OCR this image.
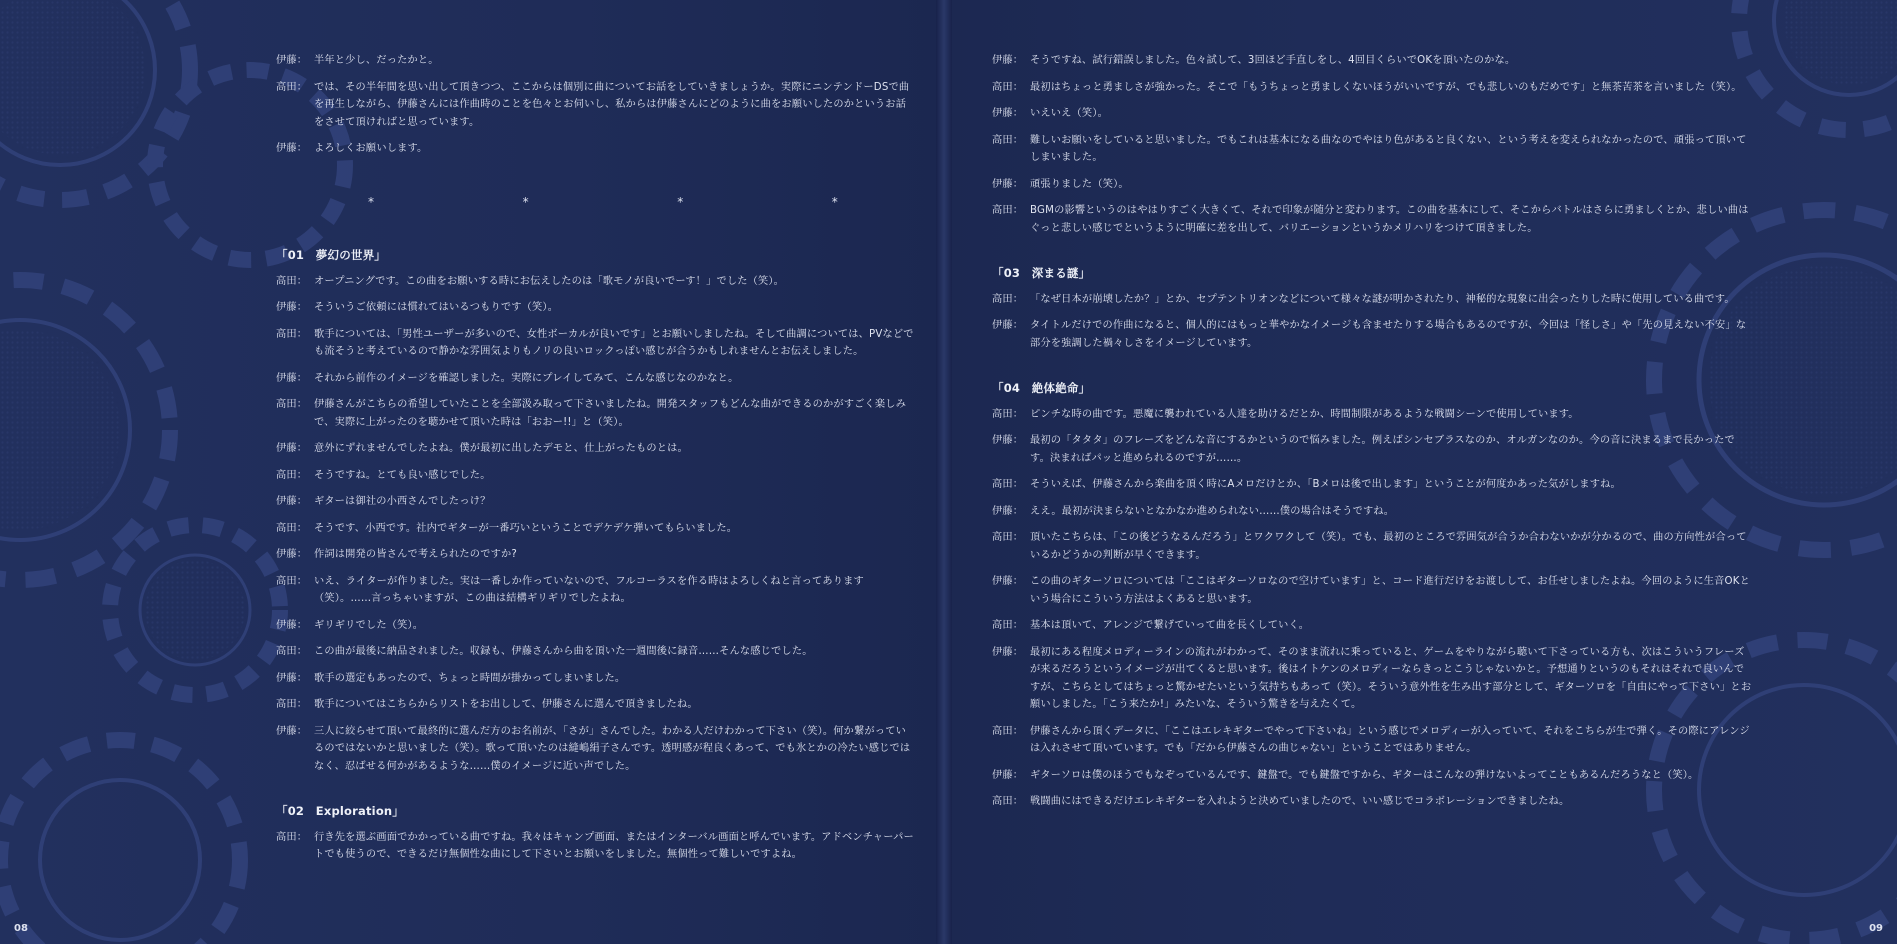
伊藤： 半年と少し、だったかと。
高田： では、その半年間を思い出して頂きつつ、ここからは個別に曲についてお話をしていきましょうか。実際にニンテンドーDSで曲を再生しながら、伊藤さんには作曲時のことを色々とお伺いし、私からは伊藤さんにどのように曲をお願いしたのかというお話をさせて頂ければと思っています。
伊藤： よろしくお願いします。
*	*	*	*
「01　夢幻の世界」
高田： オープニングです。この曲をお願いする時にお伝えしたのは「歌モノが良いでーす！」でした（笑）。
伊藤： そういうご依頼には慣れてはいるつもりです（笑）。
高田： 歌手については、「男性ユーザーが多いので、女性ボーカルが良いです」とお願いしましたね。そして曲調については、PVなどでも流そうと考えているので静かな雰囲気よりもノリの良いロックっぽい感じが合うかもしれませんとお伝えしました。
伊藤： それから前作のイメージを確認しました。実際にプレイしてみて、こんな感じなのかなと。
高田： 伊藤さんがこちらの希望していたことを全部汲み取って下さいましたね。開発スタッフもどんな曲ができるのかがすごく楽しみで、実際に上がったのを聴かせて頂いた時は「おおー!!」と（笑）。
伊藤： 意外にずれませんでしたよね。僕が最初に出したデモと、仕上がったものとは。
高田： そうですね。とても良い感じでした。
伊藤： ギターは御社の小西さんでしたっけ？
高田： そうです、小西です。社内でギターが一番巧いということでデケデケ弾いてもらいました。
伊藤： 作詞は開発の皆さんで考えられたのですか?
高田： いえ、ライターが作りました。実は一番しか作っていないので、フルコーラスを作る時はよろしくねと言ってあります（笑）。……言っちゃいますが、この曲は結構ギリギリでしたよね。
伊藤： ギリギリでした（笑）。
高田： この曲が最後に納品されました。収録も、伊藤さんから曲を頂いた一週間後に録音……そんな感じでした。
伊藤： 歌手の選定もあったので、ちょっと時間が掛かってしまいました。
高田： 歌手についてはこちらからリストをお出しして、伊藤さんに選んで頂きましたね。
伊藤： 三人に絞らせて頂いて最終的に選んだ方のお名前が、「さが」さんでした。わかる人だけわかって下さい（笑）。何か繋がっているのではないかと思いました（笑）。歌って頂いたのは縫嶋絹子さんです。透明感が程良くあって、でも氷とかの冷たい感じではなく、忍ばせる何かがあるような……僕のイメージに近い声でした。
「02　Exploration」
高田： 行き先を選ぶ画面でかかっている曲ですね。我々はキャンプ画面、またはインターバル画面と呼んでいます。アドベンチャーパートでも使うので、できるだけ無個性な曲にして下さいとお願いをしました。無個性って難しいですよね。
08
伊藤： そうですね、試行錯誤しました。色々試して、3回ほど手直しをし、4回目くらいでOKを頂いたのかな。
高田： 最初はちょっと勇ましさが強かった。そこで「もうちょっと勇ましくないほうがいいですが、でも悲しいのもだめです」と無茶苦茶を言いました（笑）。
伊藤： いえいえ（笑）。
高田： 難しいお願いをしていると思いました。でもこれは基本になる曲なのでやはり色があると良くない、という考えを変えられなかったので、頑張って頂いてしまいました。
伊藤： 頑張りました（笑）。
高田： BGMの影響というのはやはりすごく大きくて、それで印象が随分と変わります。この曲を基本にして、そこからバトルはさらに勇ましくとか、悲しい曲はぐっと悲しい感じでというように明確に差を出して、バリエーションというかメリハリをつけて頂きました。
「03　深まる謎」
高田： 「なぜ日本が崩壊したか？」とか、セプテントリオンなどについて様々な謎が明かされたり、神秘的な現象に出会ったりした時に使用している曲です。
伊藤： タイトルだけでの作曲になると、個人的にはもっと華やかなイメージも含ませたりする場合もあるのですが、今回は「怪しさ」や「先の見えない不安」な部分を強調した禍々しさをイメージしています。
「04　絶体絶命」
高田： ピンチな時の曲です。悪魔に襲われている人達を助けるだとか、時間制限があるような戦闘シーンで使用しています。
伊藤： 最初の「タタタ」のフレーズをどんな音にするかというので悩みました。例えばシンセブラスなのか、オルガンなのか。今の音に決まるまで長かったです。決まればパッと進められるのですが……。
高田： そういえば、伊藤さんから楽曲を頂く時にAメロだけとか、「Bメロは後で出します」ということが何度かあった気がしますね。
伊藤： ええ。最初が決まらないとなかなか進められない……僕の場合はそうですね。
高田： 頂いたこちらは、「この後どうなるんだろう」とワクワクして（笑）。でも、最初のところで雰囲気が合うか合わないかが分かるので、曲の方向性が合っているかどうかの判断が早くできます。
伊藤： この曲のギターソロについては「ここはギターソロなので空けています」と、コード進行だけをお渡しして、お任せしましたよね。今回のように生音OKという場合にこういう方法はよくあると思います。
高田： 基本は頂いて、アレンジで繋げていって曲を長くしていく。
伊藤： 最初にある程度メロディーラインの流れがわかって、そのまま流れに乗っていると、ゲームをやりながら聴いて下さっている方も、次はこういうフレーズが来るだろうというイメージが出てくると思います。後はイトケンのメロディーならきっとこうじゃないかと。予想通りというのもそれはそれで良いんですが、こちらとしてはちょっと驚かせたいという気持ちもあって（笑）。そういう意外性を生み出す部分として、ギターソロを「自由にやって下さい」とお願いしました。「こう来たか!」みたいな、そういう驚きを与えたくて。
高田： 伊藤さんから頂くデータに、「ここはエレキギターでやって下さいね」という感じでメロディーが入っていて、それをこちらが生で弾く。その際にアレンジは入れさせて頂いています。でも「だから伊藤さんの曲じゃない」ということではありません。
伊藤： ギターソロは僕のほうでもなぞっているんです、鍵盤で。でも鍵盤ですから、ギターはこんなの弾けないよってこともあるんだろうなと（笑）。
高田： 戦闘曲にはできるだけエレキギターを入れようと決めていましたので、いい感じでコラボレーションできましたね。
09
